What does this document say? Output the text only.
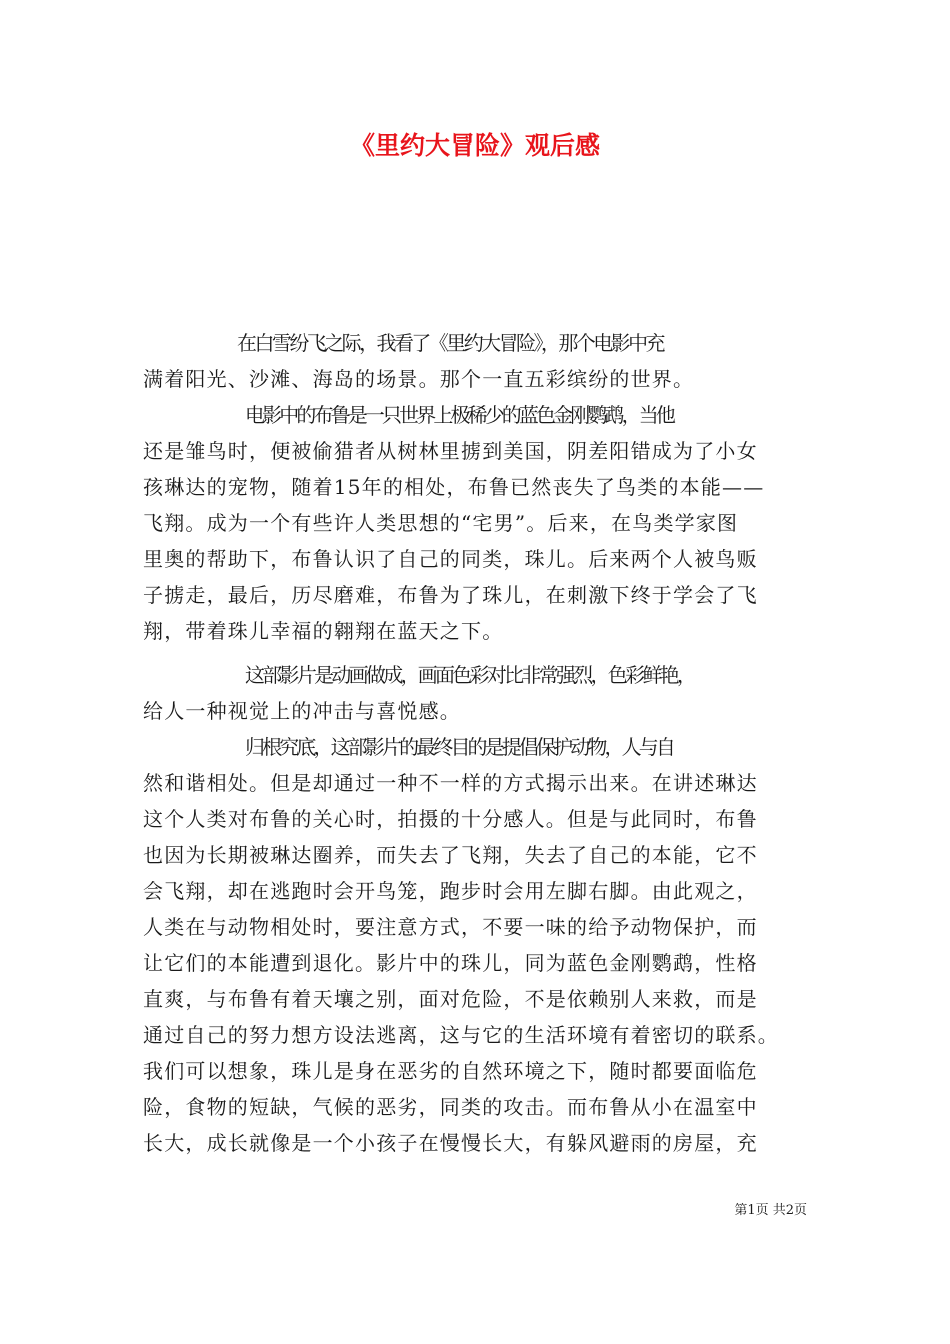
《里约大冒险》观后感
在白雪纷飞之际，我看了《里约大冒险》，那个电影中充
满着阳光、沙滩、海岛的场景。那个一直五彩缤纷的世界。
电影中的布鲁是一只世界上极稀少的蓝色金刚鹦鹉，当他
还是雏鸟时，便被偷猎者从树林里掳到美国，阴差阳错成为了小女
孩琳达的宠物，随着15年的相处，布鲁已然丧失了鸟类的本能——
飞翔。成为一个有些许人类思想的“宅男”。后来，在鸟类学家图
里奥的帮助下，布鲁认识了自己的同类，珠儿。后来两个人被鸟贩
子掳走，最后，历尽磨难，布鲁为了珠儿，在刺激下终于学会了飞
翔，带着珠儿幸福的翱翔在蓝天之下。
这部影片是动画做成，画面色彩对比非常强烈，色彩鲜艳，
给人一种视觉上的冲击与喜悦感。
归根究底，这部影片的最终目的是提倡保护动物，人与自
然和谐相处。但是却通过一种不一样的方式揭示出来。在讲述琳达
这个人类对布鲁的关心时，拍摄的十分感人。但是与此同时，布鲁
也因为长期被琳达圈养，而失去了飞翔，失去了自己的本能，它不
会飞翔，却在逃跑时会开鸟笼，跑步时会用左脚右脚。由此观之，
人类在与动物相处时，要注意方式，不要一味的给予动物保护，而
让它们的本能遭到退化。影片中的珠儿，同为蓝色金刚鹦鹉，性格
直爽，与布鲁有着天壤之别，面对危险，不是依赖别人来救，而是
通过自己的努力想方设法逃离，这与它的生活环境有着密切的联系。
我们可以想象，珠儿是身在恶劣的自然环境之下，随时都要面临危
险，食物的短缺，气候的恶劣，同类的攻击。而布鲁从小在温室中
长大，成长就像是一个小孩子在慢慢长大，有躲风避雨的房屋，充
第1页 共2页
